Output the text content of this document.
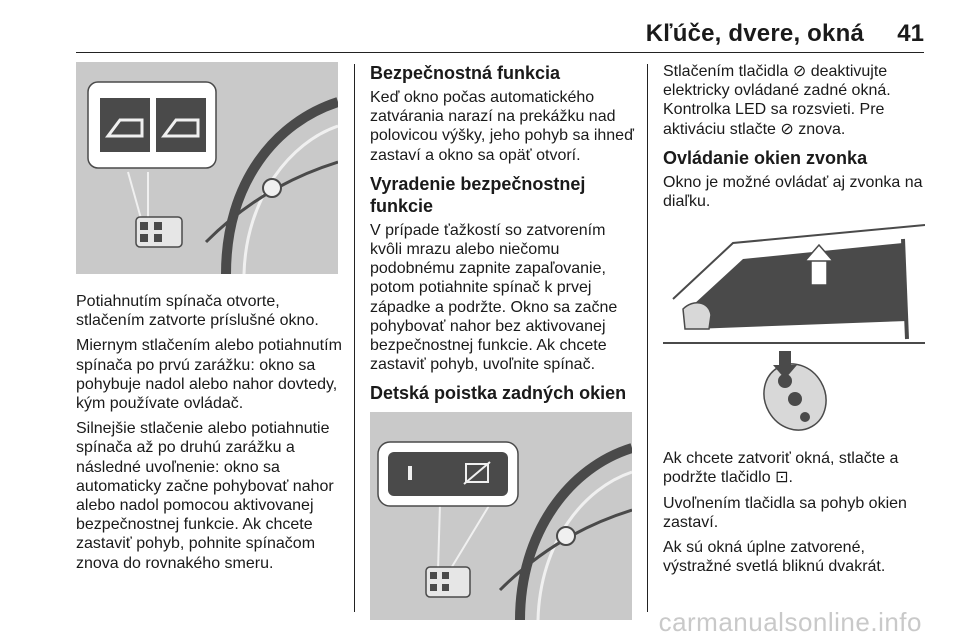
Kľúče, dvere, okná 41

Potiahnutím spínača otvorte,
stlačením zatvorte príslušné okno.

Miernym stlačením alebo potiahnutím
spínača po prvú zarážku: okno sa
pohybuje nadol alebo nahor dovtedy,
kým používate ovládač.

Silnejšie stlačenie alebo potiahnutie
spínača až po druhú zarážku a
následné uvoľnenie: okno sa
automaticky začne pohybovať nahor
alebo nadol pomocou aktivovanej
bezpečnostnej funkcie. Ak chcete
zastaviť pohyb, pohnite spínačom
znova do rovnakého smeru.

Bezpečnostná funkcia

Keď okno počas automatického
zatvárania narazí na prekážku nad
polovicou výšky, jeho pohyb sa ihneď
zastaví a okno sa opäť otvorí.

Vyradenie bezpečnostnej funkcie

V prípade ťažkostí so zatvorením
kvôli mrazu alebo niečomu
podobnému zapnite zapaľovanie,
potom potiahnite spínač k prvej
západke a podržte. Okno sa začne
pohybovať nahor bez aktivovanej
bezpečnostnej funkcie. Ak chcete
zastaviť pohyb, uvoľnite spínač.

Detská poistka zadných okien

Stlačením tlačidla ⊘ deaktivujte
elektricky ovládané zadné okná.
Kontrolka LED sa rozsvieti. Pre
aktiváciu stlačte ⊘ znova.

Ovládanie okien zvonka

Okno je možné ovládať aj zvonka na
diaľku.

Ak chcete zatvoriť okná, stlačte a
podržte tlačidlo ⊡.

Uvoľnením tlačidla sa pohyb okien
zastaví.

Ak sú okná úplne zatvorené,
výstražné svetlá bliknú dvakrát.

carmanualsonline.info
